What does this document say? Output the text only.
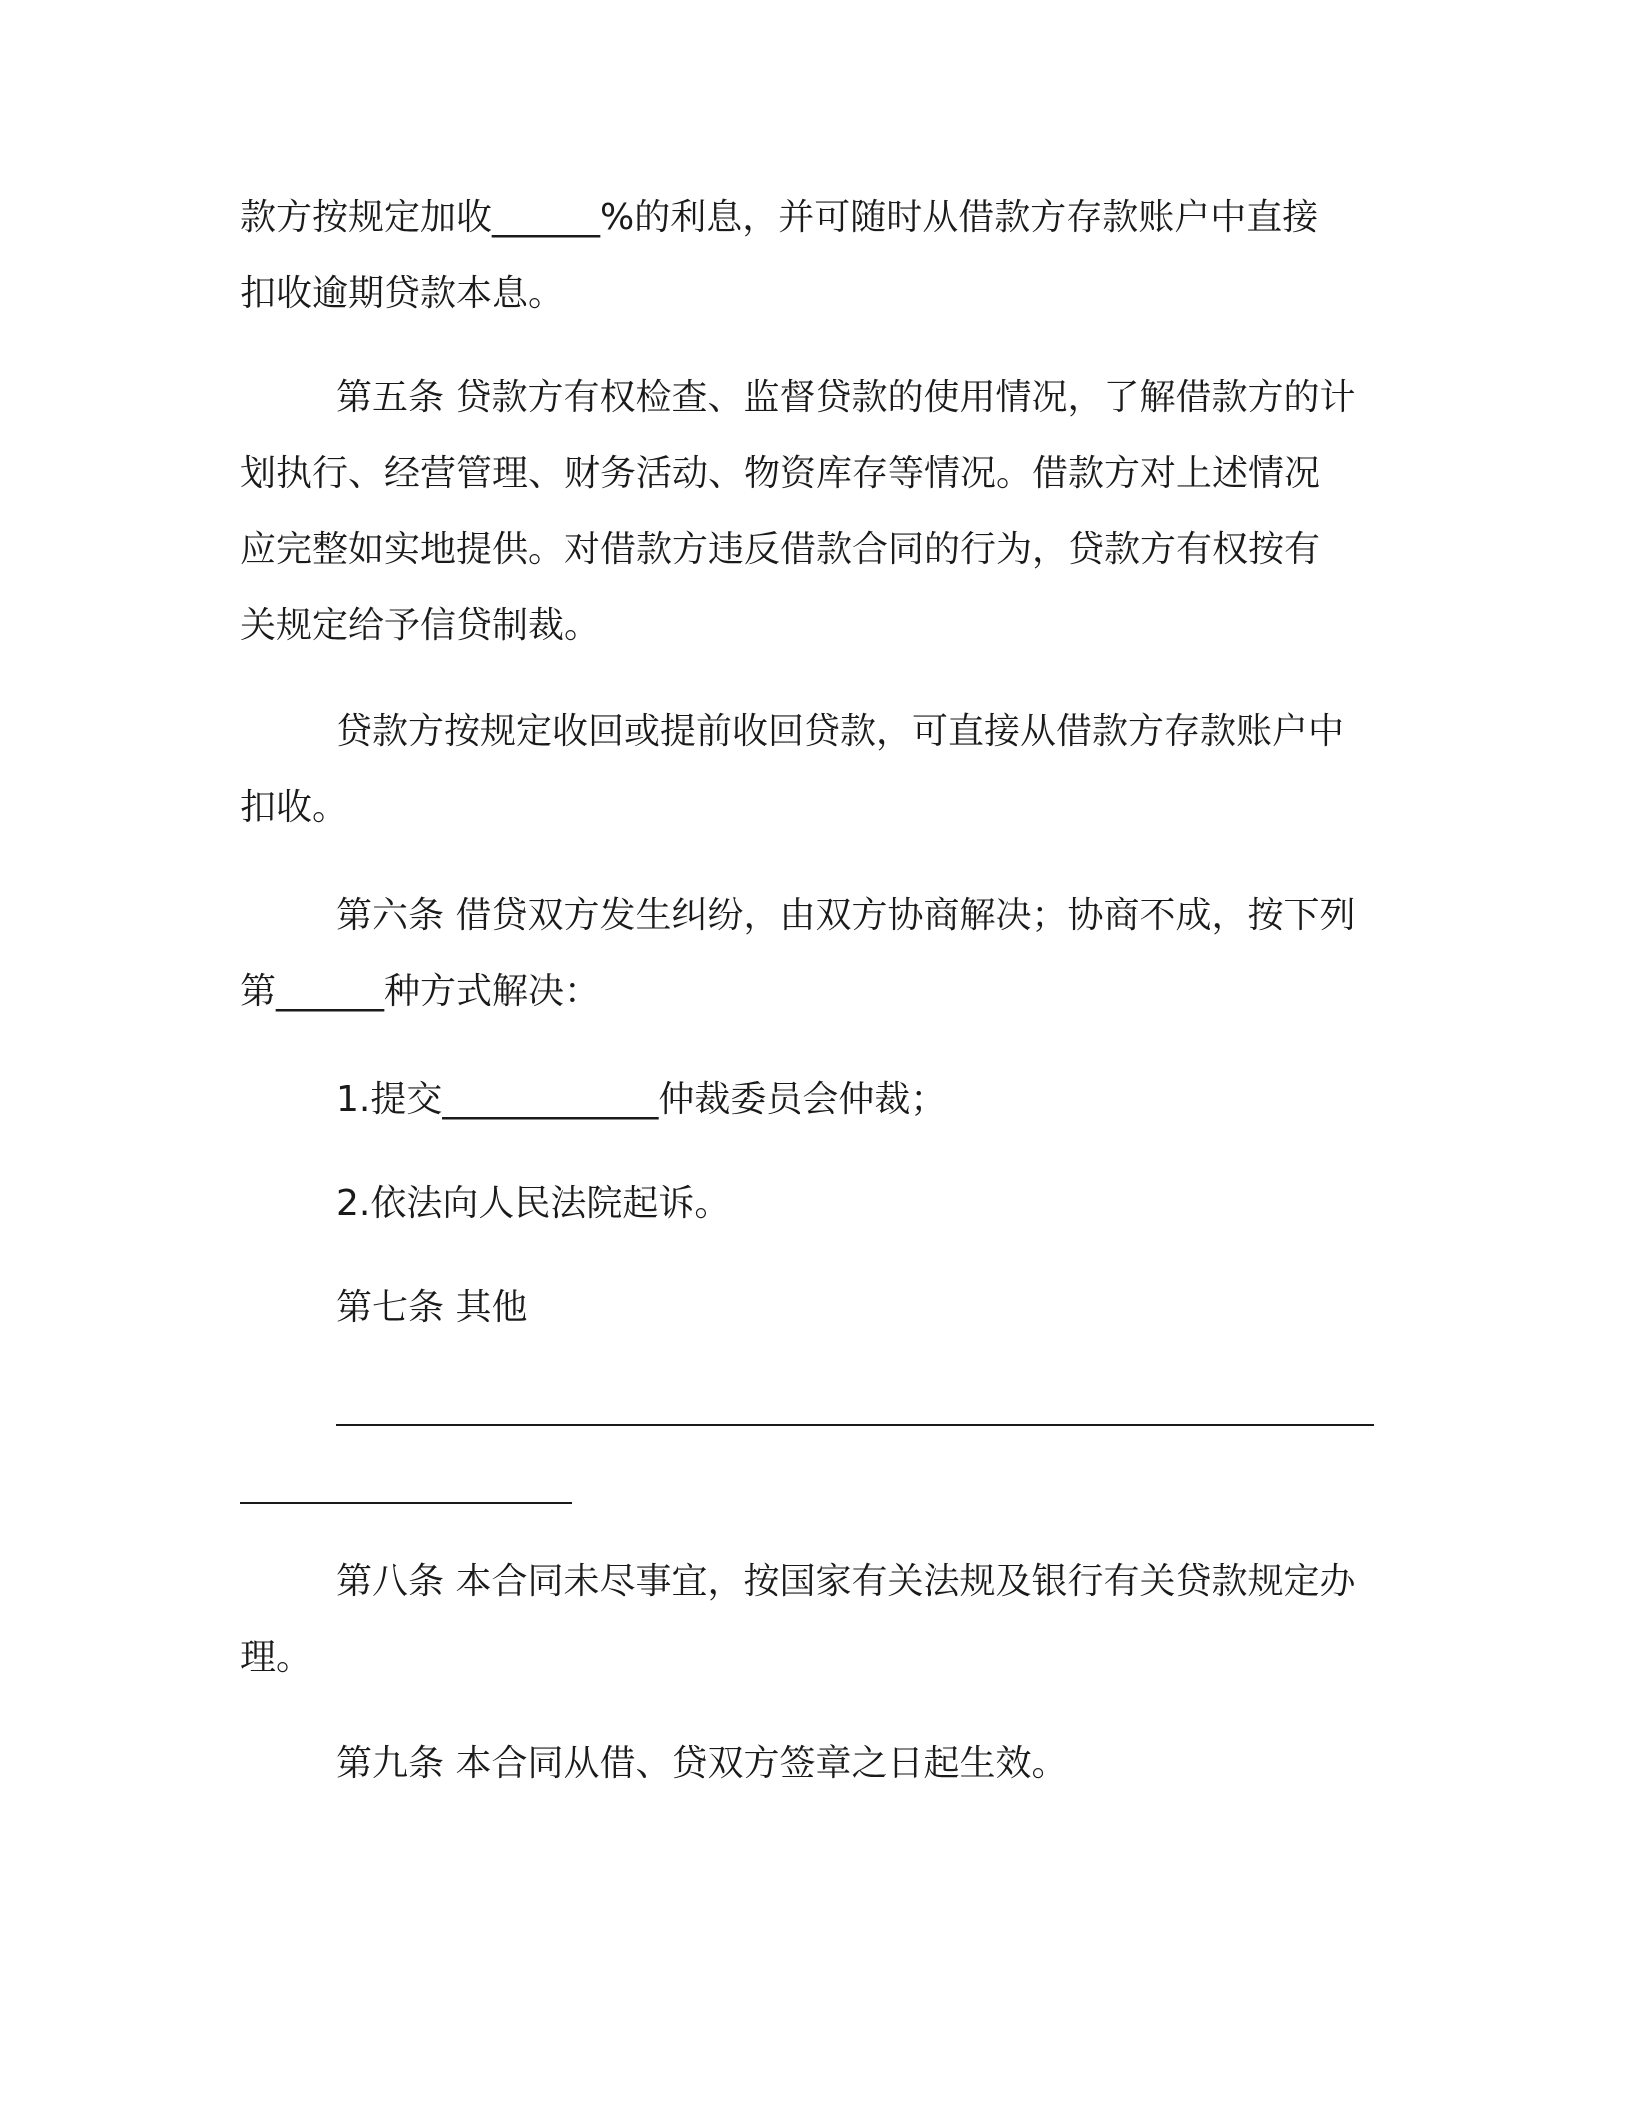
款方按规定加收______%的利息，并可随时从借款方存款账户中直接
扣收逾期贷款本息。

第五条 贷款方有权检查、监督贷款的使用情况，了解借款方的计
划执行、经营管理、财务活动、物资库存等情况。借款方对上述情况
应完整如实地提供。对借款方违反借款合同的行为，贷款方有权按有
关规定给予信贷制裁。

贷款方按规定收回或提前收回贷款，可直接从借款方存款账户中
扣收。

第六条 借贷双方发生纠纷，由双方协商解决；协商不成，按下列
第______种方式解决：

1.提交____________仲裁委员会仲裁；

2.依法向人民法院起诉。

第七条 其他

第八条 本合同未尽事宜，按国家有关法规及银行有关贷款规定办
理。

第九条 本合同从借、贷双方签章之日起生效。
